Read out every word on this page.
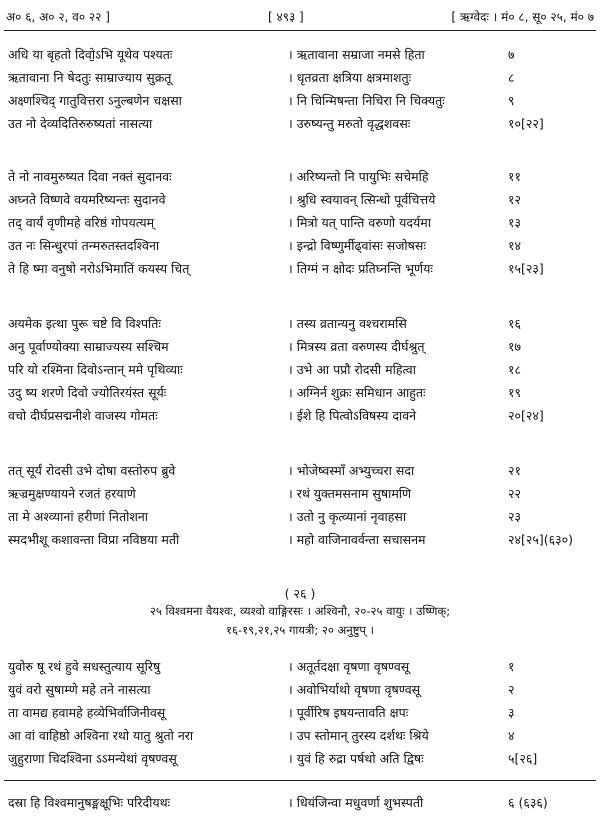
अ० ६, अ० २, व० २२ ]	[ ४९३ ]	[ ऋग्वेदः । मं० ८, सू० २५, मं० ७
अधि या बृहतो दिवो॒ऽभि यूथेव पश्यतः	। ऋतावाना सम्राजा नमसे हिता	७
ऋतावाना नि षेदतुः साम्राज्याय सुक्रतू	। धृतव्रता क्षत्रिया क्षत्रमाशतुः	८
अक्ष्णश्चिद् गातुवित्तरा ऽनुल्बणेन चक्षसा	। नि चिन्मिषन्ता निचिरा नि चिक्यतुः	९
उत नो देव्यदितिरुरुष्यतां नासत्या	। उरुष्यन्तु मरुतो वृद्धशवसः	१०[२२]
ते नो नावमुरुष्यत दिवा नक्तं सुदानवः	। अरिष्यन्तो नि पायुभिः सचेमहि	११
अघ्नते विष्णवे वयमरिष्यन्तः सुदानवे	। श्रुधि स्वयावन् त्सिन्धो पूर्वचित्तये	१२
तद् वार्यं वृणीमहे वरिष्ठं गोपयत्यम्	। मित्रो यत् पान्ति वरुणो यदर्यमा	१३
उत नः सिन्धुरपां तन्मरुतस्तदश्विना	। इन्द्रो विष्णुर्मीढ्वांसः सजोषसः	१४
ते हि ष्मा वनुषो नरोऽभिमातिं कयस्य चित्	। तिग्मं न क्षोदः प्रतिघ्नन्ति भूर्णयः	१५[२३]
अयमेक इत्था पुरू चष्टे वि विश्पतिः	। तस्य व्रतान्यनु वश्चरामसि	१६
अनु पूर्वाण्योक्या साम्राज्यस्य सश्चिम	। मित्रस्य व्रता वरुणस्य दीर्घश्रुत्	१७
परि यो रश्मिना दिवोऽन्तान् ममे पृथिव्याः	। उभे आ पप्रौ रोदसी महित्वा	१८
उदु ष्य शरणे दिवो ज्योतिरयंस्त सूर्यः	। अग्निर्न शुक्रः समिधान आहुतः	१९
वचो दीर्घप्रसद्मनीशे वाजस्य गोमतः	। ईशे हि पित्वोऽविषस्य दावने	२०[२४]
तत् सूर्यं रोदसी उभे दोषा वस्तोरुप ब्रुवे	। भोजेष्वस्माँ अभ्युच्चरा सदा	२१
ऋज्रमुक्षण्यायने रजतं हरयाणे	। रथं युक्तमसनाम सुषामणि	२२
ता मे अश्व्यानां हरीणां नितोशना	। उतो नु कृत्व्यानां नृवाहसा	२३
स्मदभीशू कशावन्ता विप्रा नविष्ठया मती	। महो वाजिनावर्वन्ता सचासनम	२४[२५](६३०)
( २६ )
२५ विश्वमना वैयश्वः, व्यश्वो वाङ्गिरसः । अश्विनौ, २०-२५ वायुः । उष्णिक्;
१६-१९,२१,२५ गायत्री; २० अनुष्टुप् ।
युवोरु षू रथं हुवे सधस्तुत्याय सूरिषु	। अतूर्तदक्षा वृषणा वृषण्वसू	१
युवं वरो सुषाम्णे महे तने नासत्या	। अवोभिर्याथो वृषणा वृषण्वसू	२
ता वामद्य हवामहे हव्येभिर्वाजिनीवसू	। पूर्वीरिष इषयन्तावति क्षपः	३
आ वां वाहिष्ठो अश्विना रथो यातु श्रुतो नरा	। उप स्तोमान् तुरस्य दर्शथः श्रिये	४
जुहुराणा चिदश्विना ऽऽमन्येथां वृषण्वसू	। युवं हि रुद्रा पर्षथो अति द्विषः	५[२६]
दस्रा हि विश्वमानुषङ्मक्षूभिः परिदीयथः	। धियंजिन्वा मधुवर्णा शुभस्पती	६ (६३६)
